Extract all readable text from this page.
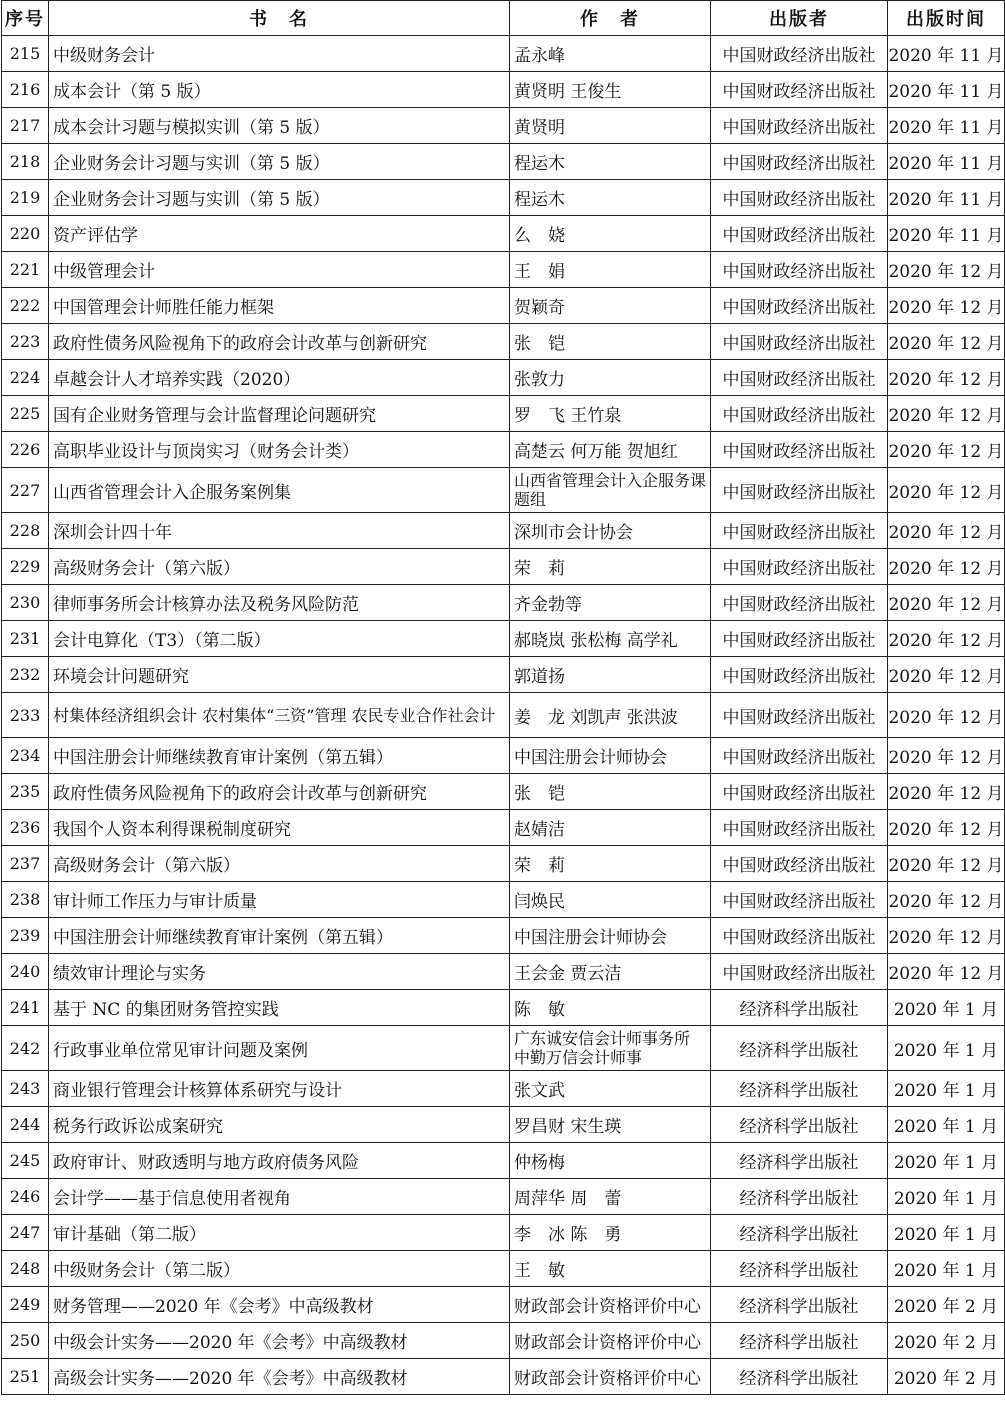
序号	书　名	作　者	出版者	出版时间
215	中级财务会计	孟永峰	中国财政经济出版社	2020 年 11 月
216	成本会计（第 5 版）	黄贤明 王俊生	中国财政经济出版社	2020 年 11 月
217	成本会计习题与模拟实训（第 5 版）	黄贤明	中国财政经济出版社	2020 年 11 月
218	企业财务会计习题与实训（第 5 版）	程运木	中国财政经济出版社	2020 年 11 月
219	企业财务会计习题与实训（第 5 版）	程运木	中国财政经济出版社	2020 年 11 月
220	资产评估学	么　娆	中国财政经济出版社	2020 年 11 月
221	中级管理会计	王　娟	中国财政经济出版社	2020 年 12 月
222	中国管理会计师胜任能力框架	贺颖奇	中国财政经济出版社	2020 年 12 月
223	政府性债务风险视角下的政府会计改革与创新研究	张　铠	中国财政经济出版社	2020 年 12 月
224	卓越会计人才培养实践（2020）	张敦力	中国财政经济出版社	2020 年 12 月
225	国有企业财务管理与会计监督理论问题研究	罗　飞 王竹泉	中国财政经济出版社	2020 年 12 月
226	高职毕业设计与顶岗实习（财务会计类）	高楚云 何万能 贺旭红	中国财政经济出版社	2020 年 12 月
227	山西省管理会计入企服务案例集	山西省管理会计入企服务课题组	中国财政经济出版社	2020 年 12 月
228	深圳会计四十年	深圳市会计协会	中国财政经济出版社	2020 年 12 月
229	高级财务会计（第六版）	荣　莉	中国财政经济出版社	2020 年 12 月
230	律师事务所会计核算办法及税务风险防范	齐金勃等	中国财政经济出版社	2020 年 12 月
231	会计电算化（T3）（第二版）	郝晓岚 张松梅 高学礼	中国财政经济出版社	2020 年 12 月
232	环境会计问题研究	郭道扬	中国财政经济出版社	2020 年 12 月
233	村集体经济组织会计 农村集体“三资”管理 农民专业合作社会计	姜　龙 刘凯声 张洪波	中国财政经济出版社	2020 年 12 月
234	中国注册会计师继续教育审计案例（第五辑）	中国注册会计师协会	中国财政经济出版社	2020 年 12 月
235	政府性债务风险视角下的政府会计改革与创新研究	张　铠	中国财政经济出版社	2020 年 12 月
236	我国个人资本利得课税制度研究	赵婧洁	中国财政经济出版社	2020 年 12 月
237	高级财务会计（第六版）	荣　莉	中国财政经济出版社	2020 年 12 月
238	审计师工作压力与审计质量	闫焕民	中国财政经济出版社	2020 年 12 月
239	中国注册会计师继续教育审计案例（第五辑）	中国注册会计师协会	中国财政经济出版社	2020 年 12 月
240	绩效审计理论与实务	王会金 贾云洁	中国财政经济出版社	2020 年 12 月
241	基于 NC 的集团财务管控实践	陈　敏	经济科学出版社	2020 年 1 月
242	行政事业单位常见审计问题及案例	广东诚安信会计师事务所 中勤万信会计师事	经济科学出版社	2020 年 1 月
243	商业银行管理会计核算体系研究与设计	张文武	经济科学出版社	2020 年 1 月
244	税务行政诉讼成案研究	罗昌财 宋生瑛	经济科学出版社	2020 年 1 月
245	政府审计、财政透明与地方政府债务风险	仲杨梅	经济科学出版社	2020 年 1 月
246	会计学——基于信息使用者视角	周萍华 周　蕾	经济科学出版社	2020 年 1 月
247	审计基础（第二版）	李　冰 陈　勇	经济科学出版社	2020 年 1 月
248	中级财务会计（第二版）	王　敏	经济科学出版社	2020 年 1 月
249	财务管理——2020 年《会考》中高级教材	财政部会计资格评价中心	经济科学出版社	2020 年 2 月
250	中级会计实务——2020 年《会考》中高级教材	财政部会计资格评价中心	经济科学出版社	2020 年 2 月
251	高级会计实务——2020 年《会考》中高级教材	财政部会计资格评价中心	经济科学出版社	2020 年 2 月
